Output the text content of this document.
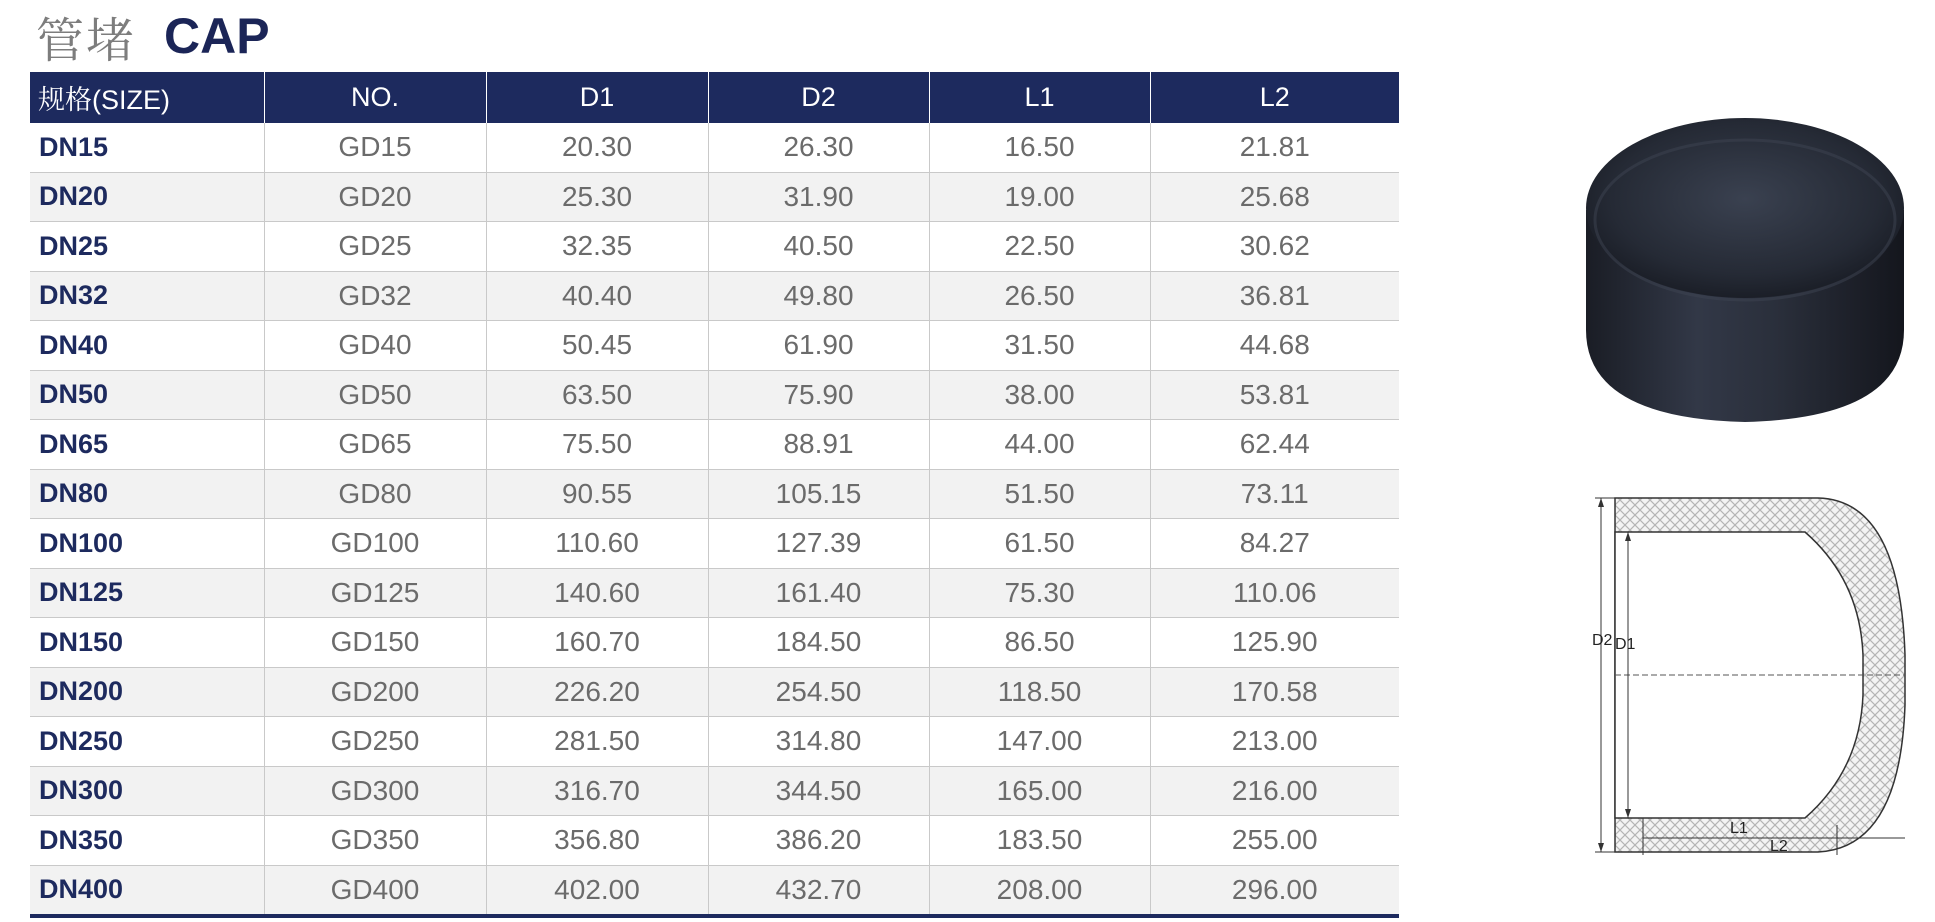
管堵 CAP
规格(SIZE)	NO.	D1	D2	L1	L2
DN15	GD15	20.30	26.30	16.50	21.81
DN20	GD20	25.30	31.90	19.00	25.68
DN25	GD25	32.35	40.50	22.50	30.62
DN32	GD32	40.40	49.80	26.50	36.81
DN40	GD40	50.45	61.90	31.50	44.68
DN50	GD50	63.50	75.90	38.00	53.81
DN65	GD65	75.50	88.91	44.00	62.44
DN80	GD80	90.55	105.15	51.50	73.11
DN100	GD100	110.60	127.39	61.50	84.27
DN125	GD125	140.60	161.40	75.30	110.06
DN150	GD150	160.70	184.50	86.50	125.90
DN200	GD200	226.20	254.50	118.50	170.58
DN250	GD250	281.50	314.80	147.00	213.00
DN300	GD300	316.70	344.50	165.00	216.00
DN350	GD350	356.80	386.20	183.50	255.00
DN400	GD400	402.00	432.70	208.00	296.00
D2 D1
L1
L2
